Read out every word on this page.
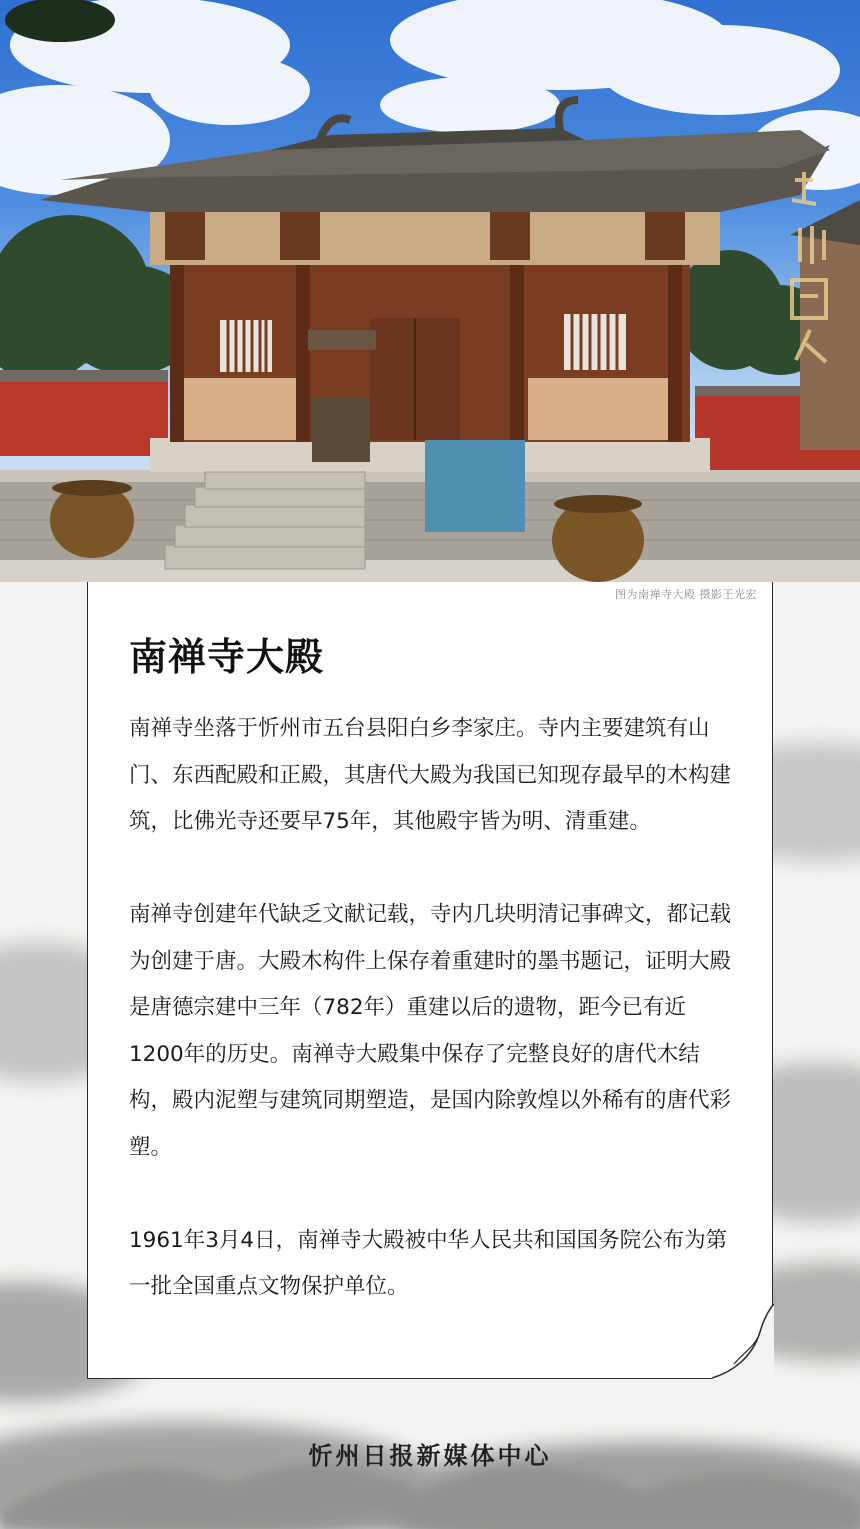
图为南禅寺大殿 摄影王光宏
南禅寺大殿

南禅寺坐落于忻州市五台县阳白乡李家庄。寺内主要建筑有山门、东西配殿和正殿，其唐代大殿为我国已知现存最早的木构建筑，比佛光寺还要早75年，其他殿宇皆为明、清重建。

南禅寺创建年代缺乏文献记载，寺内几块明清记事碑文，都记载为创建于唐。大殿木构件上保存着重建时的墨书题记，证明大殿是唐德宗建中三年（782年）重建以后的遗物，距今已有近1200年的历史。南禅寺大殿集中保存了完整良好的唐代木结构，殿内泥塑与建筑同期塑造，是国内除敦煌以外稀有的唐代彩塑。

1961年3月4日，南禅寺大殿被中华人民共和国国务院公布为第一批全国重点文物保护单位。

忻州日报新媒体中心
